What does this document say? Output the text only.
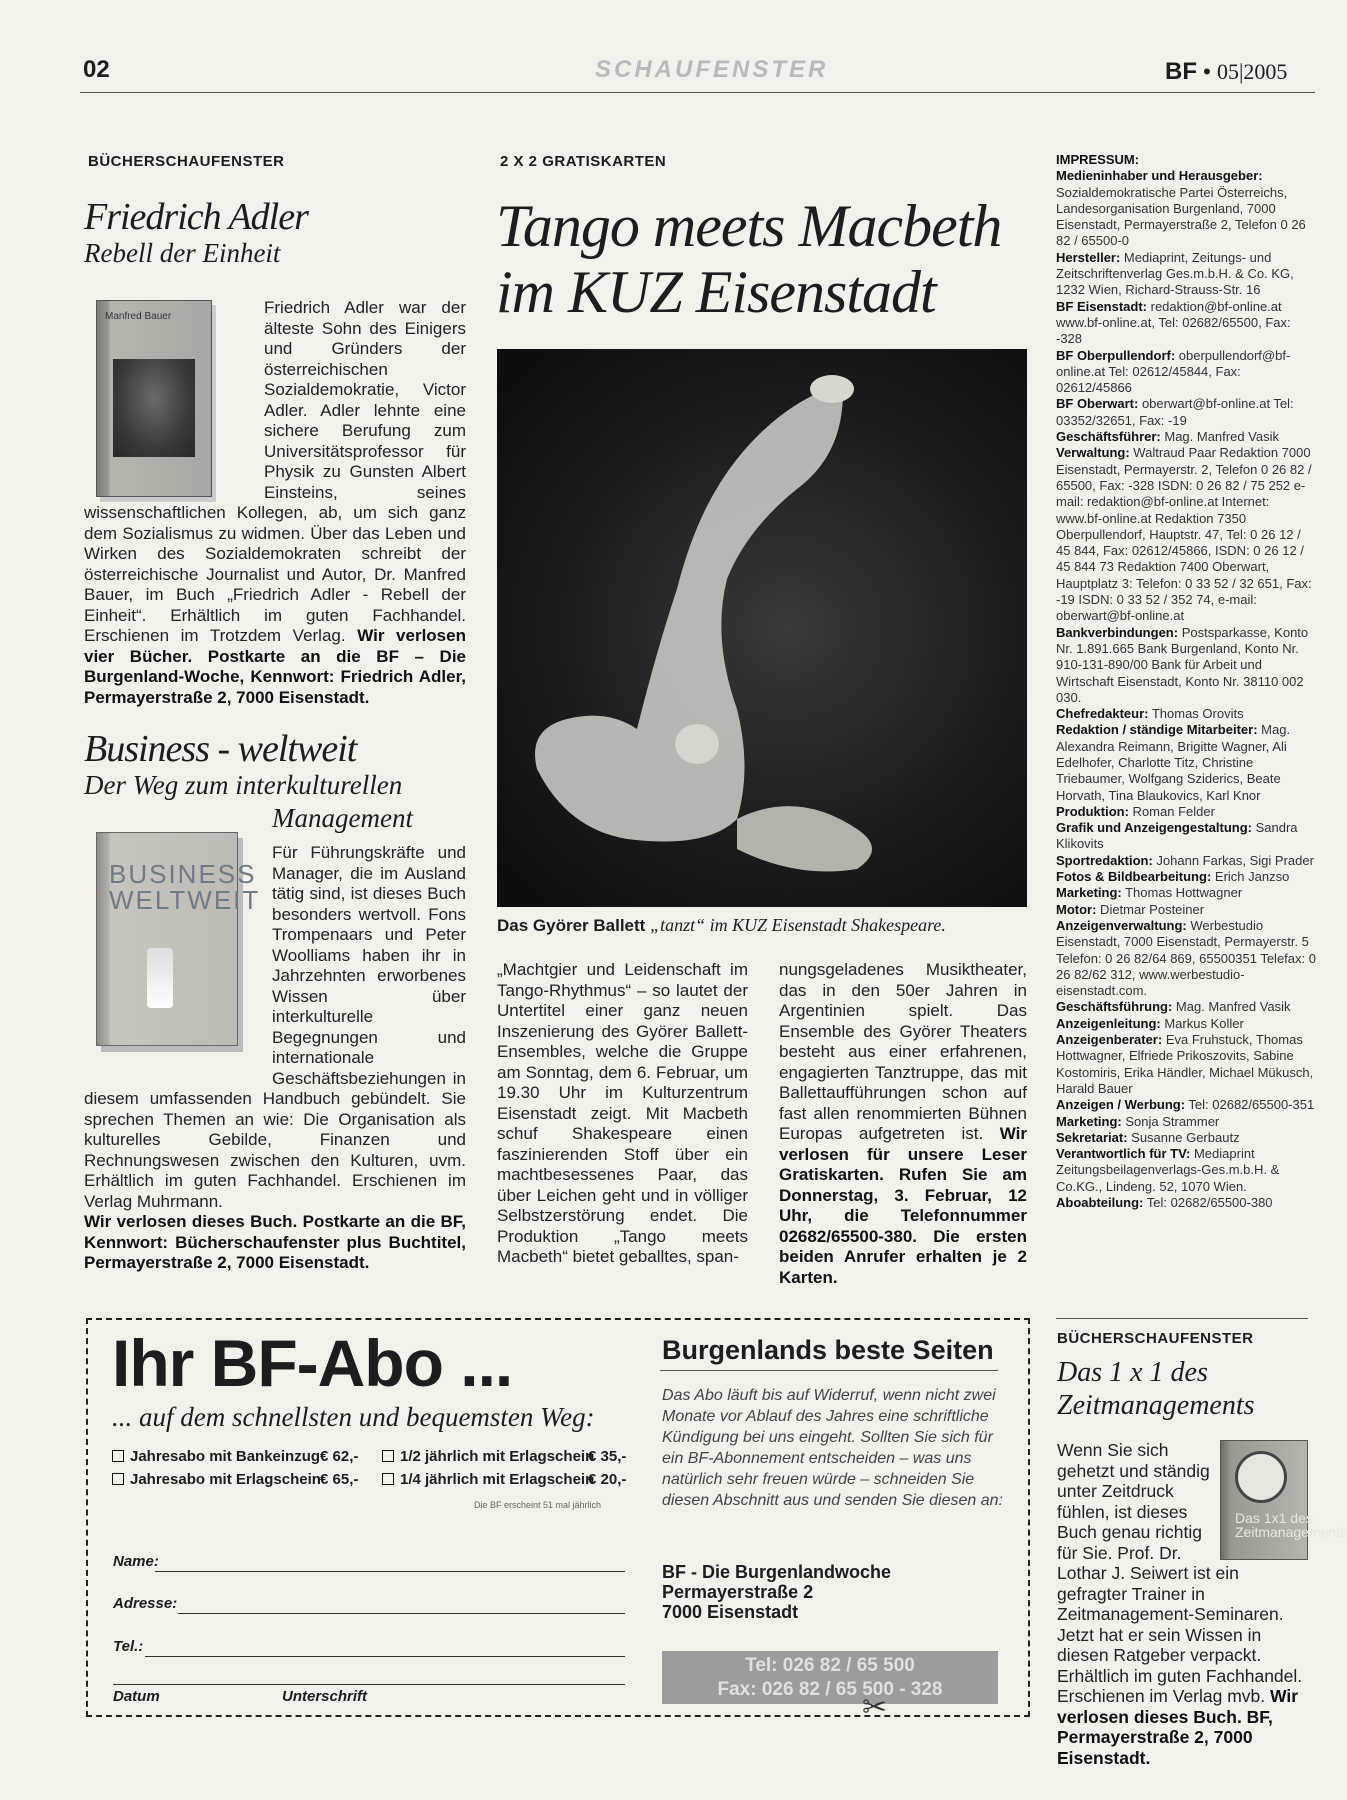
02	SCHAUFENSTER	BF • 05|2005
BÜCHERSCHAUFENSTER
Friedrich Adler
Rebell der Einheit
Friedrich Adler war der älteste Sohn des Einigers und Gründers der österreichischen Sozialdemokratie, Victor Adler. Adler lehnte eine sichere Berufung zum Universitätsprofessor für Physik zu Gunsten Albert Einsteins, seines wissenschaftlichen Kollegen, ab, um sich ganz dem Sozialismus zu widmen. Über das Leben und Wirken des Sozialdemokraten schreibt der österreichische Journalist und Autor, Dr. Manfred Bauer, im Buch „Friedrich Adler - Rebell der Einheit“. Erhältlich im guten Fachhandel. Erschienen im Trotzdem Verlag. Wir verlosen vier Bücher. Postkarte an die BF – Die Burgenland-Woche, Kennwort: Friedrich Adler, Permayerstraße 2, 7000 Eisenstadt.
Manfred Bauer
Business - weltweit
Der Weg zum interkulturellen
Management
Für Führungskräfte und Manager, die im Ausland tätig sind, ist dieses Buch besonders wertvoll. Fons Trompenaars und Peter Woolliams haben ihr in Jahrzehnten erworbenes Wissen über interkulturelle Begegnungen und internationale Geschäftsbeziehungen in diesem umfassenden Handbuch gebündelt. Sie sprechen Themen an wie: Die Organisation als kulturelles Gebilde, Finanzen und Rechnungswesen zwischen den Kulturen, uvm. Erhältlich im guten Fachhandel. Erschienen im Verlag Muhrmann.
Wir verlosen dieses Buch. Postkarte an die BF, Kennwort: Bücherschaufenster plus Buchtitel, Permayerstraße 2, 7000 Eisenstadt.
BUSINESS WELTWEIT
2 X 2 GRATISKARTEN
Tango meets Macbeth
im KUZ Eisenstadt
Das Györer Ballett „tanzt“ im KUZ Eisenstadt Shakespeare.
„Machtgier und Leidenschaft im Tango-Rhythmus“ – so lautet der Untertitel einer ganz neuen Inszenierung des Györer Ballett-Ensembles, welche die Gruppe am Sonntag, dem 6. Februar, um 19.30 Uhr im Kulturzentrum Eisenstadt zeigt. Mit Macbeth schuf Shakespeare einen faszinierenden Stoff über ein machtbesessenes Paar, das über Leichen geht und in völliger Selbstzerstörung endet. Die Produktion „Tango meets Macbeth“ bietet geballtes, span-
nungsgeladenes Musiktheater, das in den 50er Jahren in Argentinien spielt. Das Ensemble des Györer Theaters besteht aus einer erfahrenen, engagierten Tanztruppe, das mit Ballettaufführungen schon auf fast allen renommierten Bühnen Europas aufgetreten ist. Wir verlosen für unsere Leser Gratiskarten. Rufen Sie am Donnerstag, 3. Februar, 12 Uhr, die Telefonnummer 02682/65500-380. Die ersten beiden Anrufer erhalten je 2 Karten.
IMPRESSUM:
Medieninhaber und Herausgeber: Sozialdemokratische Partei Österreichs, Landesorganisation Burgenland, 7000 Eisenstadt, Permayerstraße 2, Telefon 0 26 82 / 65500-0
Hersteller: Mediaprint, Zeitungs- und Zeitschriftenverlag Ges.m.b.H. & Co. KG, 1232 Wien, Richard-Strauss-Str. 16
BF Eisenstadt: redaktion@bf-online.at www.bf-online.at, Tel: 02682/65500, Fax: -328
BF Oberpullendorf: oberpullendorf@bf-online.at Tel: 02612/45844, Fax: 02612/45866
BF Oberwart: oberwart@bf-online.at Tel: 03352/32651, Fax: -19
Geschäftsführer: Mag. Manfred Vasik
Verwaltung: Waltraud Paar Redaktion 7000 Eisenstadt, Permayerstr. 2, Telefon 0 26 82 / 65500, Fax: -328 ISDN: 0 26 82 / 75 252 e-mail: redaktion@bf-online.at Internet: www.bf-online.at Redaktion 7350 Oberpullendorf, Hauptstr. 47, Tel: 0 26 12 / 45 844, Fax: 02612/45866, ISDN: 0 26 12 / 45 844 73 Redaktion 7400 Oberwart, Hauptplatz 3: Telefon: 0 33 52 / 32 651, Fax: -19 ISDN: 0 33 52 / 352 74, e-mail: oberwart@bf-online.at
Bankverbindungen: Postsparkasse, Konto Nr. 1.891.665 Bank Burgenland, Konto Nr. 910-131-890/00 Bank für Arbeit und Wirtschaft Eisenstadt, Konto Nr. 38110 002 030.
Chefredakteur: Thomas Orovits
Redaktion / ständige Mitarbeiter: Mag. Alexandra Reimann, Brigitte Wagner, Ali Edelhofer, Charlotte Titz, Christine Triebaumer, Wolfgang Sziderics, Beate Horvath, Tina Blaukovics, Karl Knor
Produktion: Roman Felder
Grafik und Anzeigengestaltung: Sandra Klikovits
Sportredaktion: Johann Farkas, Sigi Prader
Fotos & Bildbearbeitung: Erich Janzso
Marketing: Thomas Hottwagner
Motor: Dietmar Posteiner
Anzeigenverwaltung: Werbestudio Eisenstadt, 7000 Eisenstadt, Permayerstr. 5 Telefon: 0 26 82/64 869, 65500351 Telefax: 0 26 82/62 312, www.werbestudio-eisenstadt.com.
Geschäftsführung: Mag. Manfred Vasik
Anzeigenleitung: Markus Koller
Anzeigenberater: Eva Fruhstuck, Thomas Hottwagner, Elfriede Prikoszovits, Sabine Kostomiris, Erika Händler, Michael Mükusch, Harald Bauer
Anzeigen / Werbung: Tel: 02682/65500-351
Marketing: Sonja Strammer
Sekretariat: Susanne Gerbautz
Verantwortlich für TV: Mediaprint Zeitungsbeilagenverlags-Ges.m.b.H. & Co.KG., Lindeng. 52, 1070 Wien.
Aboabteilung: Tel: 02682/65500-380
BÜCHERSCHAUFENSTER
Das 1 x 1 des
Zeitmanagements
Wenn Sie sich gehetzt und ständig unter Zeitdruck fühlen, ist dieses Buch genau richtig für Sie. Prof. Dr. Lothar J. Seiwert ist ein gefragter Trainer in Zeitmanagement-Seminaren. Jetzt hat er sein Wissen in diesen Ratgeber verpackt. Erhältlich im guten Fachhandel. Erschienen im Verlag mvb. Wir verlosen dieses Buch. BF, Permayerstraße 2, 7000 Eisenstadt.
Das 1x1 des Zeitmanagements
Ihr BF-Abo ...
... auf dem schnellsten und bequemsten Weg:
Jahresabo mit Bankeinzug € 62,-
Jahresabo mit Erlagschein € 65,-
1/2 jährlich mit Erlagschein
€ 35,-
1/4 jährlich mit Erlagschein
€ 20,-
Die BF erscheint 51 mal jährlich
Name:
Adresse:
Tel.:
Datum	Unterschrift
Burgenlands beste Seiten
Das Abo läuft bis auf Widerruf, wenn nicht zwei Monate vor Ablauf des Jahres eine schriftliche Kündigung bei uns eingeht. Sollten Sie sich für ein BF-Abonnement entscheiden – was uns natürlich sehr freuen würde – schneiden Sie diesen Abschnitt aus und senden Sie diesen an:
BF - Die Burgenlandwoche
Permayerstraße 2
7000 Eisenstadt
Tel: 026 82 / 65 500
Fax: 026 82 / 65 500 - 328
✂
